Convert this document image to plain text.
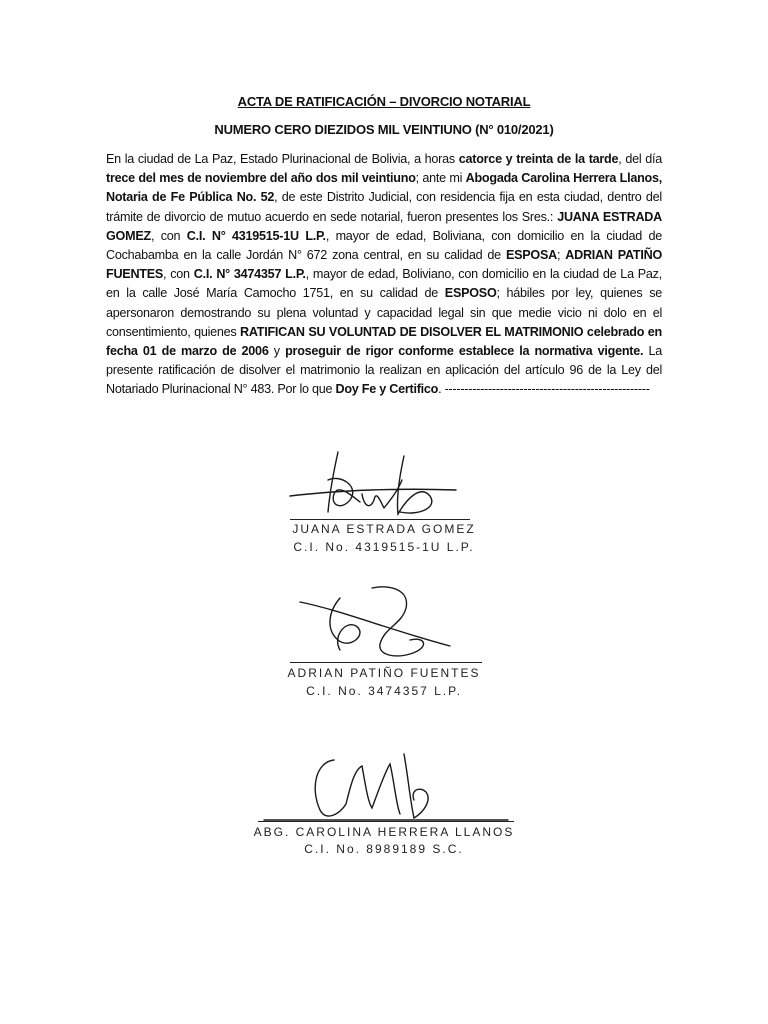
ACTA DE RATIFICACIÓN – DIVORCIO NOTARIAL
NUMERO CERO DIEZIDOS MIL VEINTIUNO (N° 010/2021)
En la ciudad de La Paz, Estado Plurinacional de Bolivia, a horas catorce y treinta de la tarde, del día trece del mes de noviembre del año dos mil veintiuno; ante mi Abogada Carolina Herrera Llanos, Notaria de Fe Pública No. 52, de este Distrito Judicial, con residencia fija en esta ciudad, dentro del trámite de divorcio de mutuo acuerdo en sede notarial, fueron presentes los Sres.: JUANA ESTRADA GOMEZ, con C.I. N° 4319515-1U L.P., mayor de edad, Boliviana, con domicilio en la ciudad de Cochabamba en la calle Jordán N° 672 zona central, en su calidad de ESPOSA; ADRIAN PATIÑO FUENTES, con C.I. N° 3474357 L.P., mayor de edad, Boliviano, con domicilio en la ciudad de La Paz, en la calle José María Camocho 1751, en su calidad de ESPOSO; hábiles por ley, quienes se apersonaron demostrando su plena voluntad y capacidad legal sin que medie vicio ni dolo en el consentimiento, quienes RATIFICAN SU VOLUNTAD DE DISOLVER EL MATRIMONIO celebrado en fecha 01 de marzo de 2006 y proseguir de rigor conforme establece la normativa vigente. La presente ratificación de disolver el matrimonio la realizan en aplicación del artículo 96 de la Ley del Notariado Plurinacional N° 483. Por lo que Doy Fe y Certifico. ----------------------------------------------------
JUANA ESTRADA GOMEZ
C.I. No. 4319515-1U L.P.
ADRIAN PATIÑO FUENTES
C.I. No. 3474357 L.P.
ABG. CAROLINA HERRERA LLANOS
C.I. No. 8989189 S.C.
